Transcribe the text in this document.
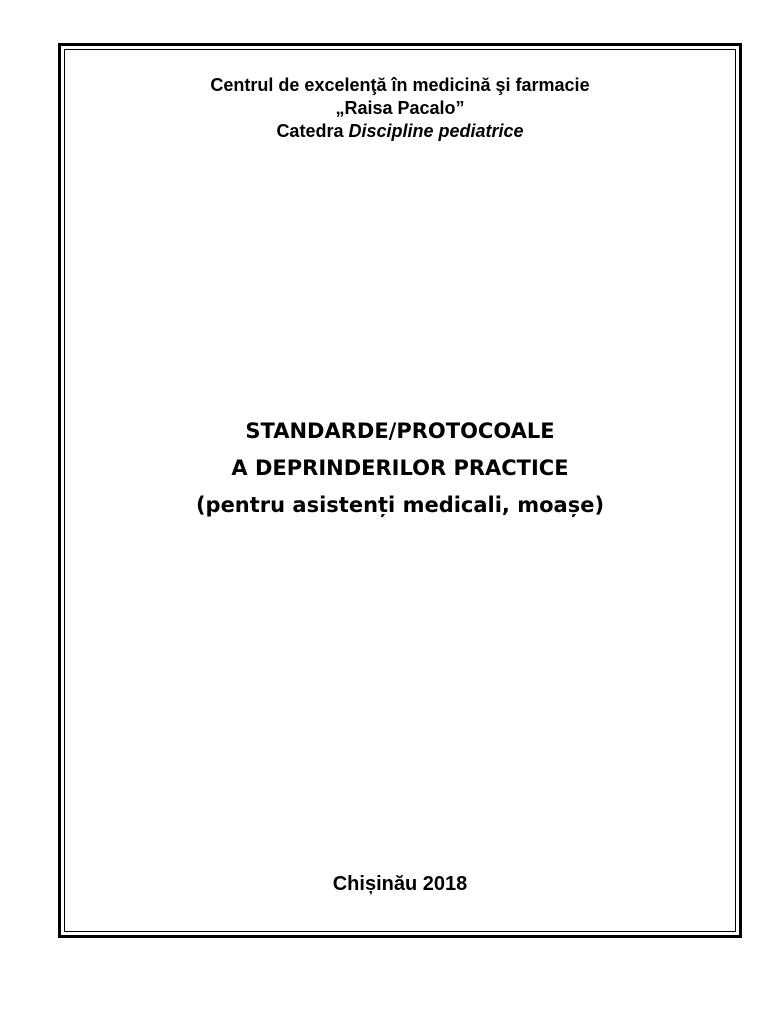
Centrul de excelenţă în medicină şi farmacie
„Raisa Pacalo”
Catedra Discipline pediatrice
STANDARDE/PROTOCOALE
A DEPRINDERILOR PRACTICE
(pentru asistenți medicali, moașe)
Chișinău 2018
